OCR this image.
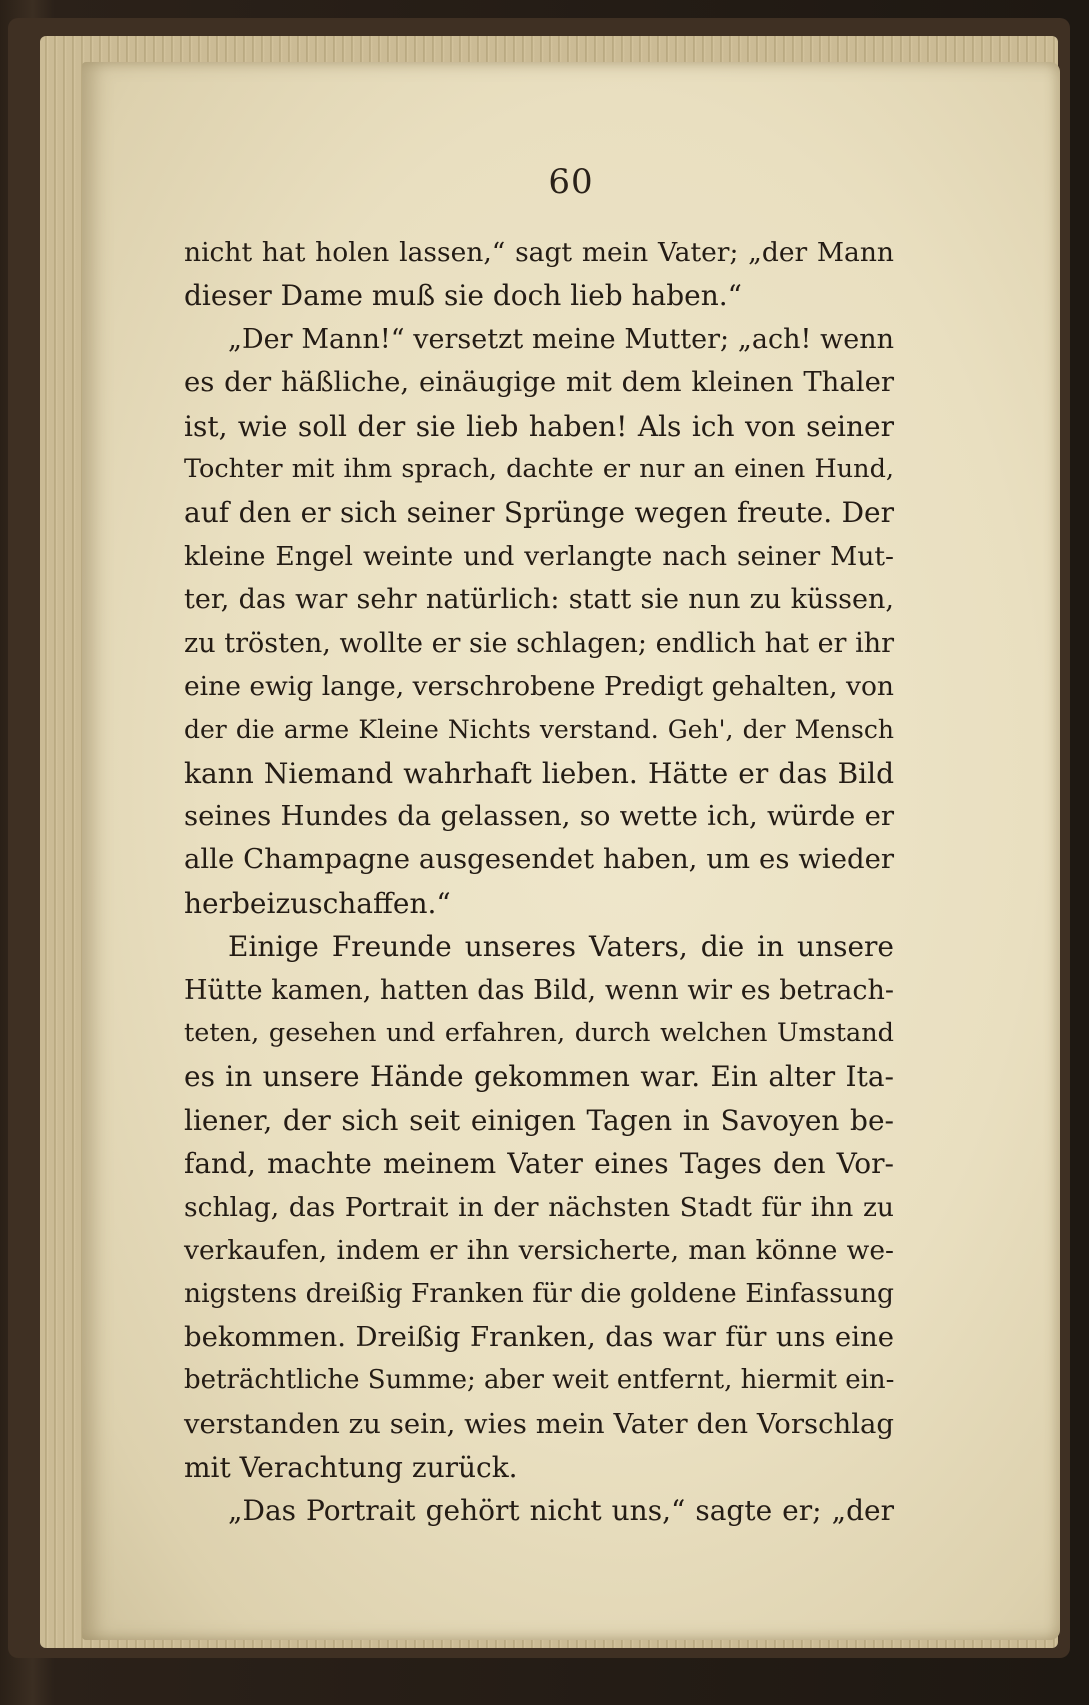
60
nicht hat holen lassen,“ sagt mein Vater; „der Mann
dieser Dame muß sie doch lieb haben.“
„Der Mann!“ versetzt meine Mutter; „ach! wenn
es der häßliche, einäugige mit dem kleinen Thaler
ist, wie soll der sie lieb haben! Als ich von seiner
Tochter mit ihm sprach, dachte er nur an einen Hund,
auf den er sich seiner Sprünge wegen freute. Der
kleine Engel weinte und verlangte nach seiner Mut-
ter, das war sehr natürlich: statt sie nun zu küssen,
zu trösten, wollte er sie schlagen; endlich hat er ihr
eine ewig lange, verschrobene Predigt gehalten, von
der die arme Kleine Nichts verstand. Geh', der Mensch
kann Niemand wahrhaft lieben. Hätte er das Bild
seines Hundes da gelassen, so wette ich, würde er
alle Champagne ausgesendet haben, um es wieder
herbeizuschaffen.“
Einige Freunde unseres Vaters, die in unsere
Hütte kamen, hatten das Bild, wenn wir es betrach-
teten, gesehen und erfahren, durch welchen Umstand
es in unsere Hände gekommen war. Ein alter Ita-
liener, der sich seit einigen Tagen in Savoyen be-
fand, machte meinem Vater eines Tages den Vor-
schlag, das Portrait in der nächsten Stadt für ihn zu
verkaufen, indem er ihn versicherte, man könne we-
nigstens dreißig Franken für die goldene Einfassung
bekommen. Dreißig Franken, das war für uns eine
beträchtliche Summe; aber weit entfernt, hiermit ein-
verstanden zu sein, wies mein Vater den Vorschlag
mit Verachtung zurück.
„Das Portrait gehört nicht uns,“ sagte er; „der
